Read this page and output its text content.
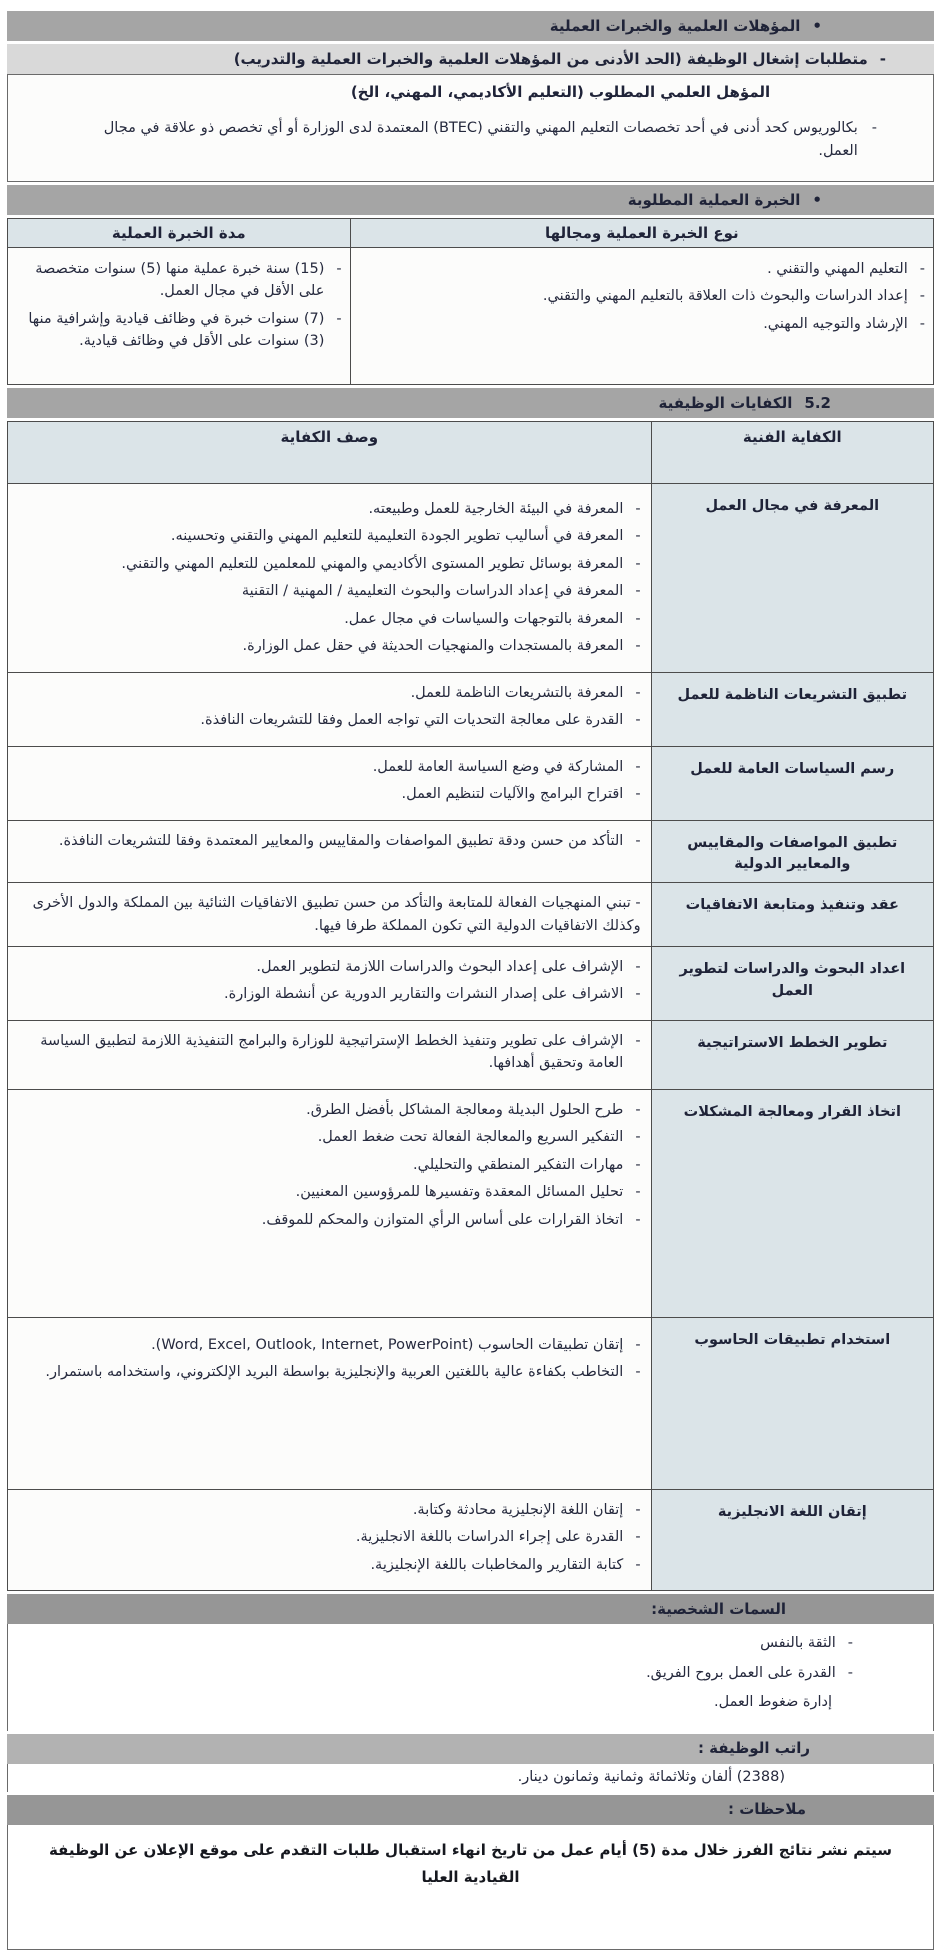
•
المؤهلات العلمية والخبرات العملية
-
متطلبات إشغال الوظيفة (الحد الأدنى من المؤهلات العلمية والخبرات العملية والتدريب)
المؤهل العلمي المطلوب (التعليم الأكاديمي، المهني، الخ)
-
بكالوريوس كحد أدنى في أحد تخصصات التعليم المهني والتقني (BTEC) المعتمدة لدى الوزارة أو أي تخصص ذو علاقة في مجال العمل.
•
الخبرة العملية المطلوبة
نوع الخبرة العملية ومجالها	مدة الخبرة العملية

-
التعليم المهني والتقني .
-
إعداد الدراسات والبحوث ذات العلاقة بالتعليم المهني والتقني.
-
الإرشاد والتوجيه المهني.

-
(15) سنة خبرة عملية منها (5) سنوات متخصصة على الأقل في مجال العمل.
-
(7) سنوات خبرة في وظائف قيادية وإشرافية منها (3) سنوات على الأقل في وظائف قيادية.
5.2
الكفايات الوظيفية
الكفاية الفنية	وصف الكفاية
المعرفة في مجال العمل	
-
المعرفة في البيئة الخارجية للعمل وطبيعته.
-
المعرفة في أساليب تطوير الجودة التعليمية للتعليم المهني والتقني وتحسينه.
-
المعرفة بوسائل تطوير المستوى الأكاديمي والمهني للمعلمين للتعليم المهني والتقني.
-
المعرفة في إعداد الدراسات والبحوث التعليمية / المهنية / التقنية
-
المعرفة بالتوجهات والسياسات في مجال عمل.
-
المعرفة بالمستجدات والمنهجيات الحديثة في حقل عمل الوزارة.

تطبيق التشريعات الناظمة للعمل	
-
المعرفة بالتشريعات الناظمة للعمل.
-
القدرة على معالجة التحديات التي تواجه العمل وفقا للتشريعات النافذة.

رسم السياسات العامة للعمل	
-
المشاركة في وضع السياسة العامة للعمل.
-
اقتراح البرامج والآليات لتنظيم العمل.

تطبيق المواصفات والمقاييس والمعايير الدولية	
-
التأكد من حسن ودقة تطبيق المواصفات والمقاييس والمعايير المعتمدة وفقا للتشريعات النافذة.

عقد وتنفيذ ومتابعة الاتفاقيات	- تبني المنهجيات الفعالة للمتابعة والتأكد من حسن تطبيق الاتفاقيات الثنائية بين المملكة والدول الأخرى وكذلك الاتفاقيات الدولية التي تكون المملكة طرفا فيها.

اعداد البحوث والدراسات لتطوير العمل	
-
الإشراف على إعداد البحوث والدراسات اللازمة لتطوير العمل.
-
الاشراف على إصدار النشرات والتقارير الدورية عن أنشطة الوزارة.

تطوير الخطط الاستراتيجية	
-
الإشراف على تطوير وتنفيذ الخطط الإستراتيجية للوزارة والبرامج التنفيذية اللازمة لتطبيق السياسة العامة وتحقيق أهدافها.

اتخاذ القرار ومعالجة المشكلات	
-
طرح الحلول البديلة ومعالجة المشاكل بأفضل الطرق.
-
التفكير السريع والمعالجة الفعالة تحت ضغط العمل.
-
مهارات التفكير المنطقي والتحليلي.
-
تحليل المسائل المعقدة وتفسيرها للمرؤوسين المعنيين.
-
اتخاذ القرارات على أساس الرأي المتوازن والمحكم للموقف.

استخدام تطبيقات الحاسوب	
-
إتقان تطبيقات الحاسوب (Word, Excel, Outlook, Internet, PowerPoint).
-
التخاطب بكفاءة عالية باللغتين العربية والإنجليزية بواسطة البريد الإلكتروني، واستخدامه باستمرار.

إتقان اللغة الانجليزية	
-
إتقان اللغة الإنجليزية محادثة وكتابة.
-
القدرة على إجراء الدراسات باللغة الانجليزية.
-
كتابة التقارير والمخاطبات باللغة الإنجليزية.
السمات الشخصية:
-
الثقة بالنفس
-
القدرة على العمل بروح الفريق.
إدارة ضغوط العمل.
راتب الوظيفة :
(2388) ألفان وثلاثمائة وثمانية وثمانون دينار.
ملاحظات :
سيتم نشر نتائج الفرز خلال مدة (5) أيام عمل من تاريخ انهاء استقبال طلبات التقدم على موقع الإعلان عن الوظيفة القيادية العليا
